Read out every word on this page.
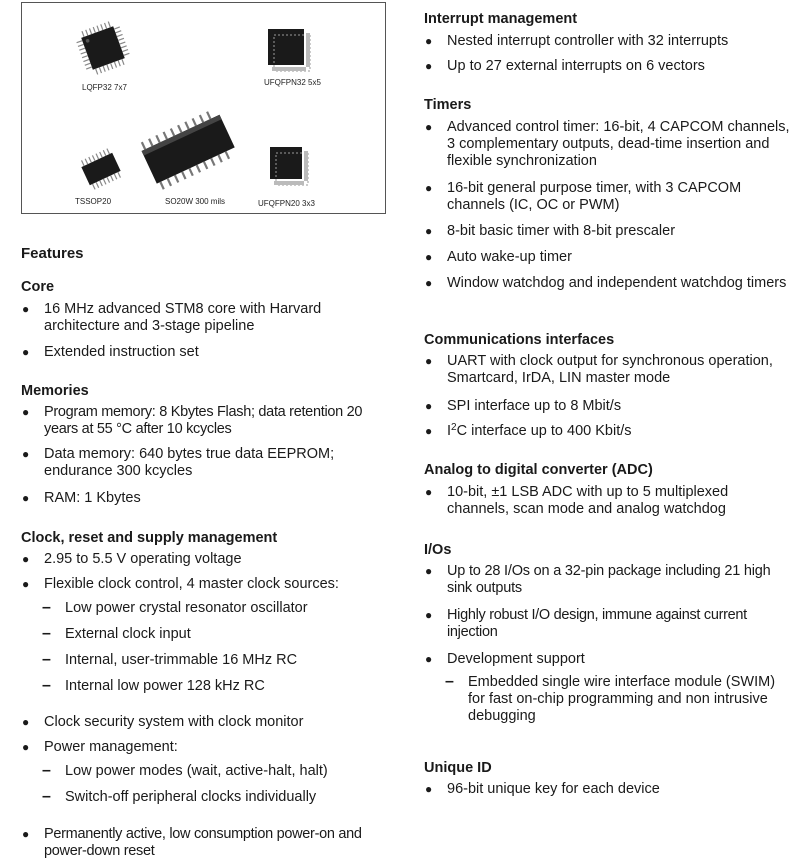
LQFP32 7x7
UFQFPN32 5x5
TSSOP20	SO20W 300 mils	UFQFPN20 3x3
Features
Core
● 16 MHz advanced STM8 core with Harvard architecture and 3-stage pipeline
● Extended instruction set
Memories
● Program memory: 8 Kbytes Flash; data retention 20 years at 55 °C after 10 kcycles
● Data memory: 640 bytes true data EEPROM; endurance 300 kcycles
● RAM: 1 Kbytes
Clock, reset and supply management
● 2.95 to 5.5 V operating voltage
● Flexible clock control, 4 master clock sources:
– Low power crystal resonator oscillator
– External clock input
– Internal, user-trimmable 16 MHz RC
– Internal low power 128 kHz RC
● Clock security system with clock monitor
● Power management:
– Low power modes (wait, active-halt, halt)
– Switch-off peripheral clocks individually
● Permanently active, low consumption power-on and power-down reset
Interrupt management
● Nested interrupt controller with 32 interrupts
● Up to 27 external interrupts on 6 vectors
Timers
● Advanced control timer: 16-bit, 4 CAPCOM channels, 3 complementary outputs, dead-time insertion and flexible synchronization
● 16-bit general purpose timer, with 3 CAPCOM channels (IC, OC or PWM)
● 8-bit basic timer with 8-bit prescaler
● Auto wake-up timer
● Window watchdog and independent watchdog timers
Communications interfaces
● UART with clock output for synchronous operation, Smartcard, IrDA, LIN master mode
● SPI interface up to 8 Mbit/s
● $I^2C$ interface up to 400 Kbit/s
Analog to digital converter (ADC)
● 10-bit, ±1 LSB ADC with up to 5 multiplexed channels, scan mode and analog watchdog
I/Os
● Up to 28 I/Os on a 32-pin package including 21 high sink outputs
● Highly robust I/O design, immune against current injection
● Development support
– Embedded single wire interface module (SWIM) for fast on-chip programming and non intrusive debugging
Unique ID
● 96-bit unique key for each device
